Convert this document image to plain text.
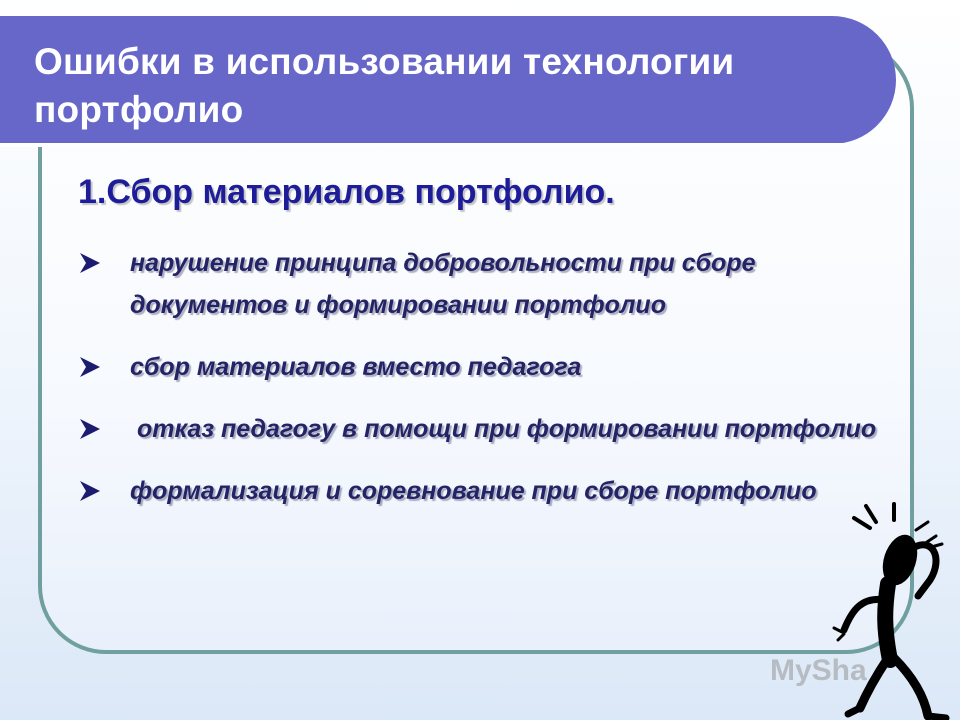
Ошибки в использовании технологии портфолио
1.Сбор материалов портфолио.
нарушение принципа добровольности при сборе документов и формировании портфолио
сбор материалов вместо педагога
отказ педагогу в помощи при формировании портфолио
формализация и соревнование при сборе портфолио
MySha
